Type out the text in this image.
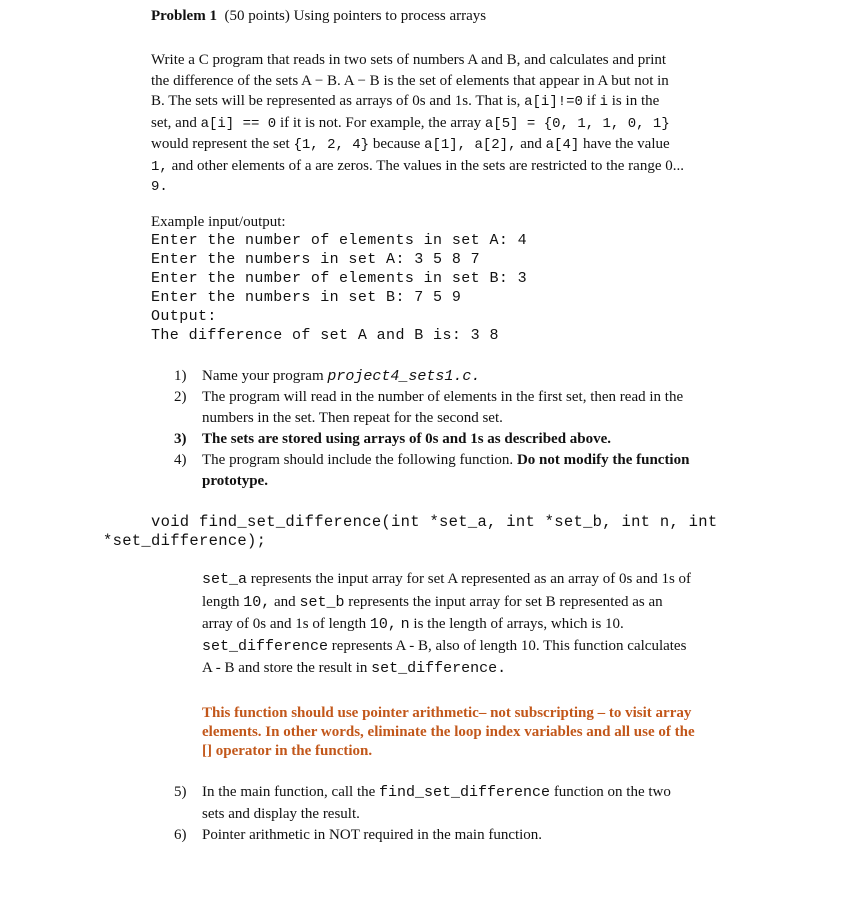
Problem 1 (50 points) Using pointers to process arrays
Write a C program that reads in two sets of numbers A and B, and calculates and print
the difference of the sets A − B. A − B is the set of elements that appear in A but not in
B. The sets will be represented as arrays of 0s and 1s. That is, a[i]!=0 if i is in the
set, and a[i] == 0 if it is not. For example, the array a[5] = {0, 1, 1, 0, 1}
would represent the set {1, 2, 4} because a[1], a[2], and a[4] have the value
1, and other elements of a are zeros. The values in the sets are restricted to the range 0...
9.
Example input/output:
Enter the number of elements in set A: 4
Enter the numbers in set A: 3 5 8 7
Enter the number of elements in set B: 3
Enter the numbers in set B: 7 5 9
Output:
The difference of set A and B is: 3 8
1) Name your program project4_sets1.c.
2) The program will read in the number of elements in the first set, then read in the
numbers in the set. Then repeat for the second set.
3) The sets are stored using arrays of 0s and 1s as described above.
4) The program should include the following function. Do not modify the function
prototype.
void find_set_difference(int *set_a, int *set_b, int n, int
*set_difference);
set_a represents the input array for set A represented as an array of 0s and 1s of
length 10, and set_b represents the input array for set B represented as an
array of 0s and 1s of length 10, n is the length of arrays, which is 10.
set_difference represents A - B, also of length 10. This function calculates
A - B and store the result in set_difference.
This function should use pointer arithmetic– not subscripting – to visit array
elements. In other words, eliminate the loop index variables and all use of the
[] operator in the function.
5) In the main function, call the find_set_difference function on the two
sets and display the result.
6) Pointer arithmetic in NOT required in the main function.
